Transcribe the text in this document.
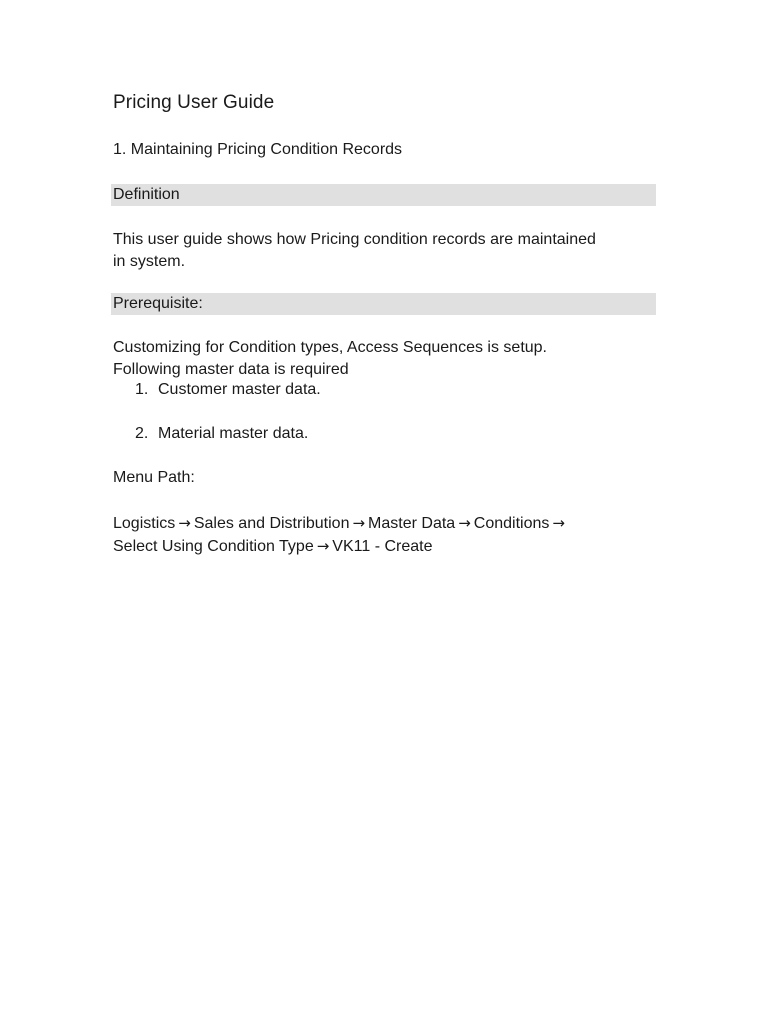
Pricing User Guide
1. Maintaining Pricing Condition Records
Definition
This user guide shows how Pricing condition records are maintained
in system.
Prerequisite:
Customizing for Condition types, Access Sequences is setup.
Following master data is required
1. Customer master data.
2. Material master data.
Menu Path:
Logistics → Sales and Distribution → Master Data → Conditions →
Select Using Condition Type → VK11 - Create
